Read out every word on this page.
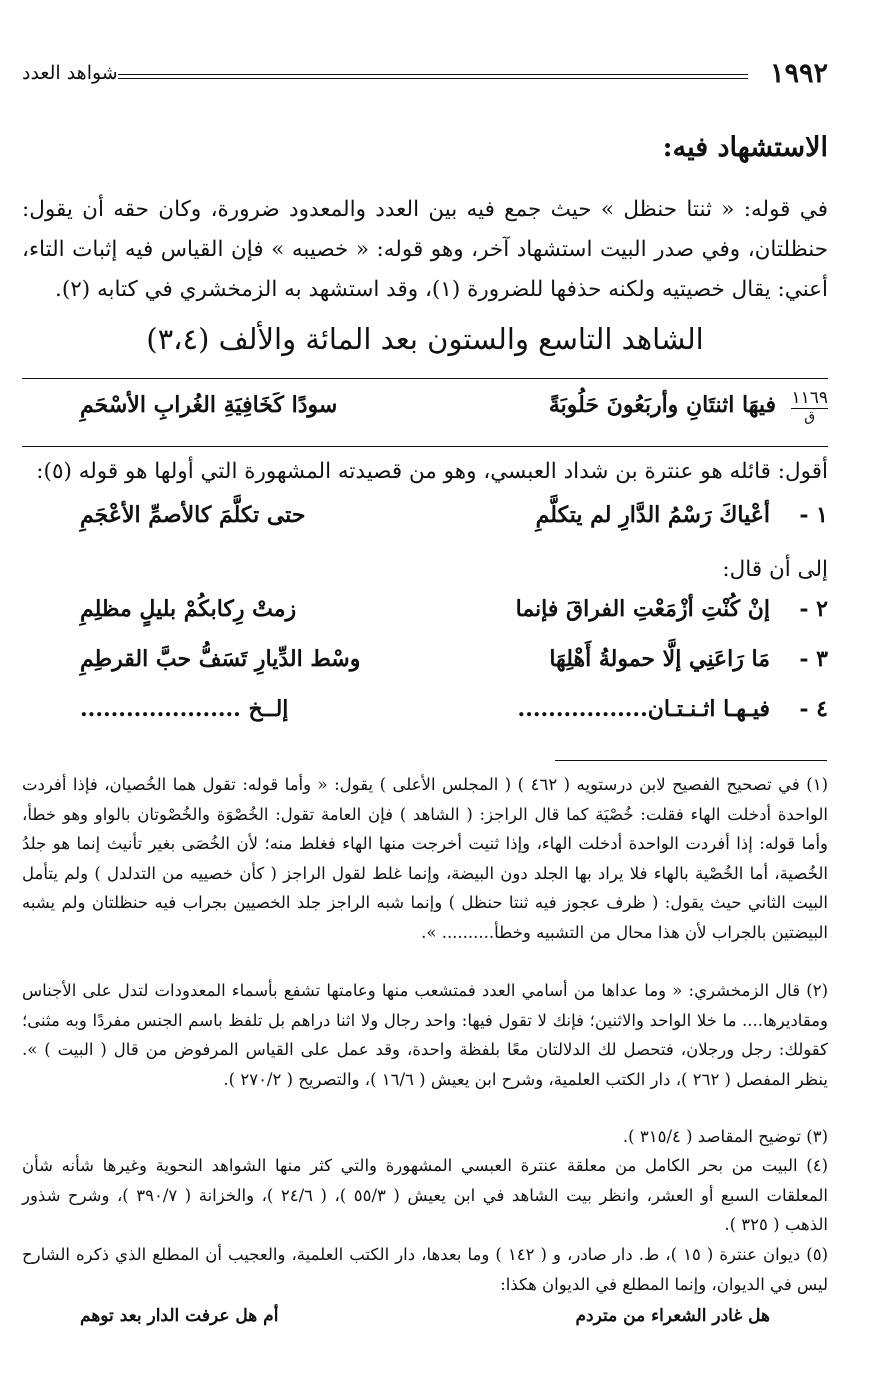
١٩٩٢
شواهد العدد
الاستشهاد فيه:
في قوله: « ثنتا حنظل » حيث جمع فيه بين العدد والمعدود ضرورة، وكان حقه أن يقول: حنظلتان، وفي صدر البيت استشهاد آخر، وهو قوله: « خصيبه » فإن القياس فيه إثبات التاء، أعني: يقال خصيتيه ولكنه حذفها للضرورة (١)، وقد استشهد به الزمخشري في كتابه (٢).
الشاهد التاسع والستون بعد المائة والألف (٣،٤)
١١٦٩
ق
فيهَا اثنتَانِ وأربَعُونَ حَلُوبَةً
سودًا كَخَافِيَةِ الغُرابِ الأسْحَمِ
أقول: قائله هو عنترة بن شداد العبسي، وهو من قصيدته المشهورة التي أولها هو قوله (٥):
١ -
أعْياكَ رَسْمُ الدَّارِ لم يتكلَّمِ
حتى تكلَّمَ كالأصمِّ الأعْجَمِ
إلى أن قال:
٢ -
إنْ كُنْتِ أزْمَعْتِ الفراقَ فإنما
زمتْ رِكابكُمْ بليلٍ مظلِمِ
٣ -
مَا رَاعَنِي إلَّا حمولةُ أَهْلِهَا
وسْط الدِّيارِ تَسَفُّ حبَّ القرطِمِ
٤ -
فيـهـا اثـنـتـان.................
إلــخ .....................
(١) في تصحيح الفصيح لابن درستويه ( ٤٦٢ ) ( المجلس الأعلى ) يقول: « وأما قوله: تقول هما الخُصيان، فإذا أفردت الواحدة أدخلت الهاء فقلت: خُصْيَة كما قال الراجز: ( الشاهد ) فإن العامة تقول: الخُصْوَة والخُصْوتان بالواو وهو خطأ، وأما قوله: إذا أفردت الواحدة أدخلت الهاء، وإذا ثنيت أخرجت منها الهاء فغلط منه؛ لأن الخُصَى بغير تأنيث إنما هو جلدُ الخُصية، أما الخُصْية بالهاء فلا يراد بها الجلد دون البيضة، وإنما غلط لقول الراجز ( كأن خصييه من التدلدل ) ولم يتأمل البيت الثاني حيث يقول: ( ظرف عجوز فيه ثنتا حنظل ) وإنما شبه الراجز جلد الخصيين بجراب فيه حنظلتان ولم يشبه البيضتين بالجراب لأن هذا محال من التشبيه وخطأ.......... ».
(٢) قال الزمخشري: « وما عداها من أسامي العدد فمتشعب منها وعامتها تشفع بأسماء المعدودات لتدل على الأجناس ومقاديرها.... ما خلا الواحد والاثنين؛ فإنك لا تقول فيها: واحد رجال ولا اثنا دراهم بل تلفظ باسم الجنس مفردًا وبه مثنى؛ كقولك: رجل ورجلان، فتحصل لك الدلالتان معًا بلفظة واحدة، وقد عمل على القياس المرفوض من قال ( البيت ) ». ينظر المفصل ( ٢٦٢ )، دار الكتب العلمية، وشرح ابن يعيش ( ١٦/٦ )، والتصريح ( ٢٧٠/٢ ).
(٣) توضيح المقاصد ( ٣١٥/٤ ).
(٤) البيت من بحر الكامل من معلقة عنترة العبسي المشهورة والتي كثر منها الشواهد النحوية وغيرها شأنه شأن المعلقات السبع أو العشر، وانظر بيت الشاهد في ابن يعيش ( ٥٥/٣ )، ( ٢٤/٦ )، والخزانة ( ٣٩٠/٧ )، وشرح شذور الذهب ( ٣٢٥ ).
(٥) ديوان عنترة ( ١٥ )، ط. دار صادر، و ( ١٤٢ ) وما بعدها، دار الكتب العلمية، والعجيب أن المطلع الذي ذكره الشارح ليس في الديوان، وإنما المطلع في الديوان هكذا:
هل غادر الشعراء من متردم
أم هل عرفت الدار بعد توهم
